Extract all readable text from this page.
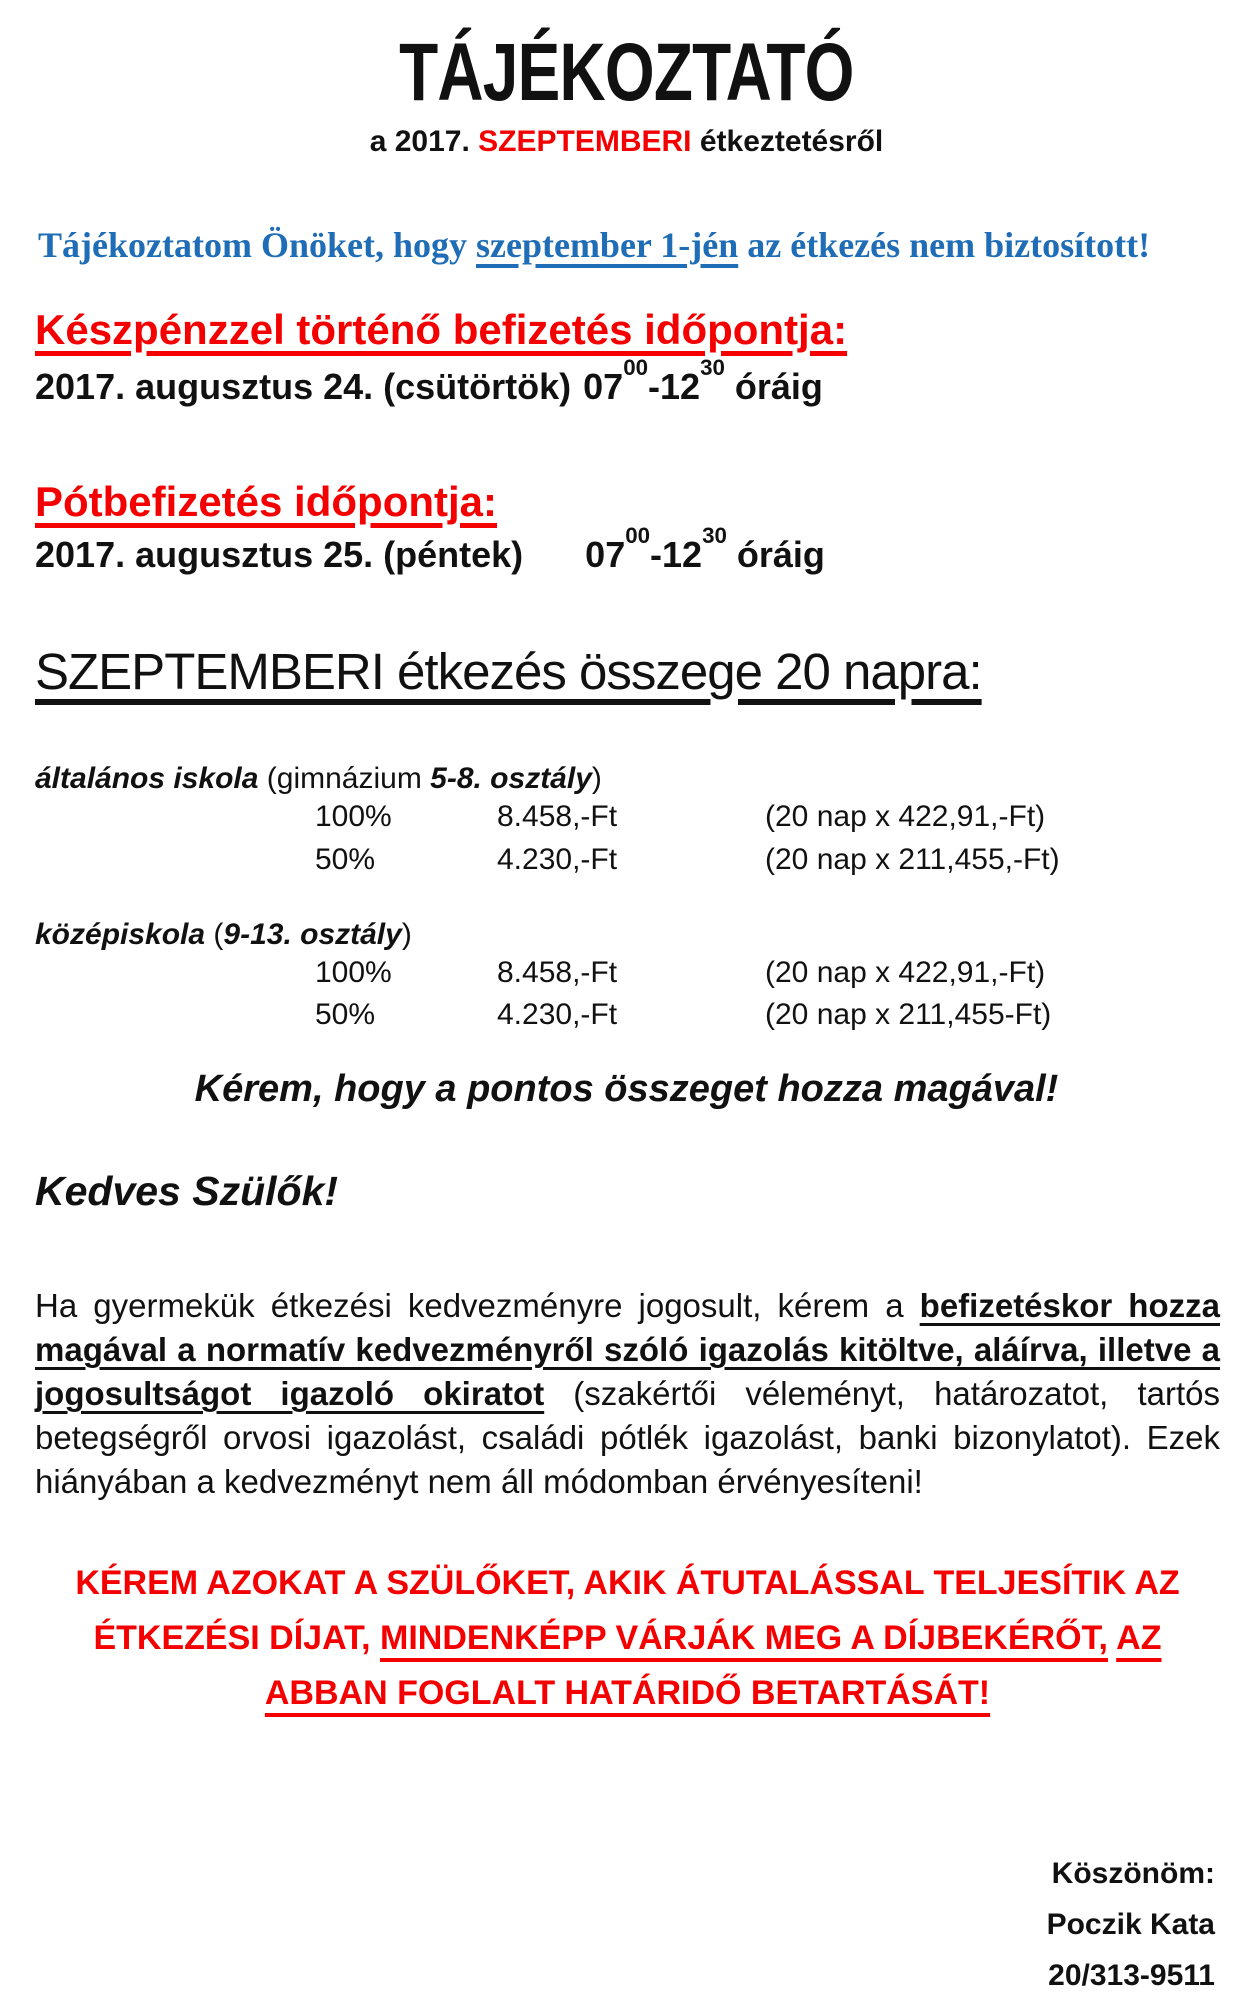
TÁJÉKOZTATÓ
a 2017. SZEPTEMBERI étkeztetésről
Tájékoztatom Önöket, hogy szeptember 1-jén az étkezés nem biztosított!
Készpénzzel történő befizetés időpontja:
2017. augusztus 24. (csütörtök) $07^{00}-12^{30}$ óráig
Pótbefizetés időpontja:
2017. augusztus 25. (péntek) $07^{00}-12^{30}$ óráig
SZEPTEMBERI étkezés összege 20 napra:
általános iskola (gimnázium 5-8. osztály)
100%	8.458,-Ft	(20 nap x 422,91,-Ft)
50%	4.230,-Ft	(20 nap x 211,455,-Ft)
középiskola (9-13. osztály)
100%	8.458,-Ft	(20 nap x 422,91,-Ft)
50%	4.230,-Ft	(20 nap x 211,455-Ft)
Kérem, hogy a pontos összeget hozza magával!
Kedves Szülők!

Ha gyermekük étkezési kedvezményre jogosult, kérem a befizetéskor hozza magával a normatív kedvezményről szóló igazolás kitöltve, aláírva, illetve a jogosultságot igazoló okiratot (szakértői véleményt, határozatot, tartós betegségről orvosi igazolást, családi pótlék igazolást, banki bizonylatot). Ezek hiányában a kedvezményt nem áll módomban érvényesíteni!

KÉREM AZOKAT A SZÜLŐKET, AKIK ÁTUTALÁSSAL TELJESÍTIK AZ ÉTKEZÉSI DÍJAT, MINDENKÉPP VÁRJÁK MEG A DÍJBEKÉRŐT, AZ ABBAN FOGLALT HATÁRIDŐ BETARTÁSÁT!
Köszönöm:
Poczik Kata
20/313-9511
